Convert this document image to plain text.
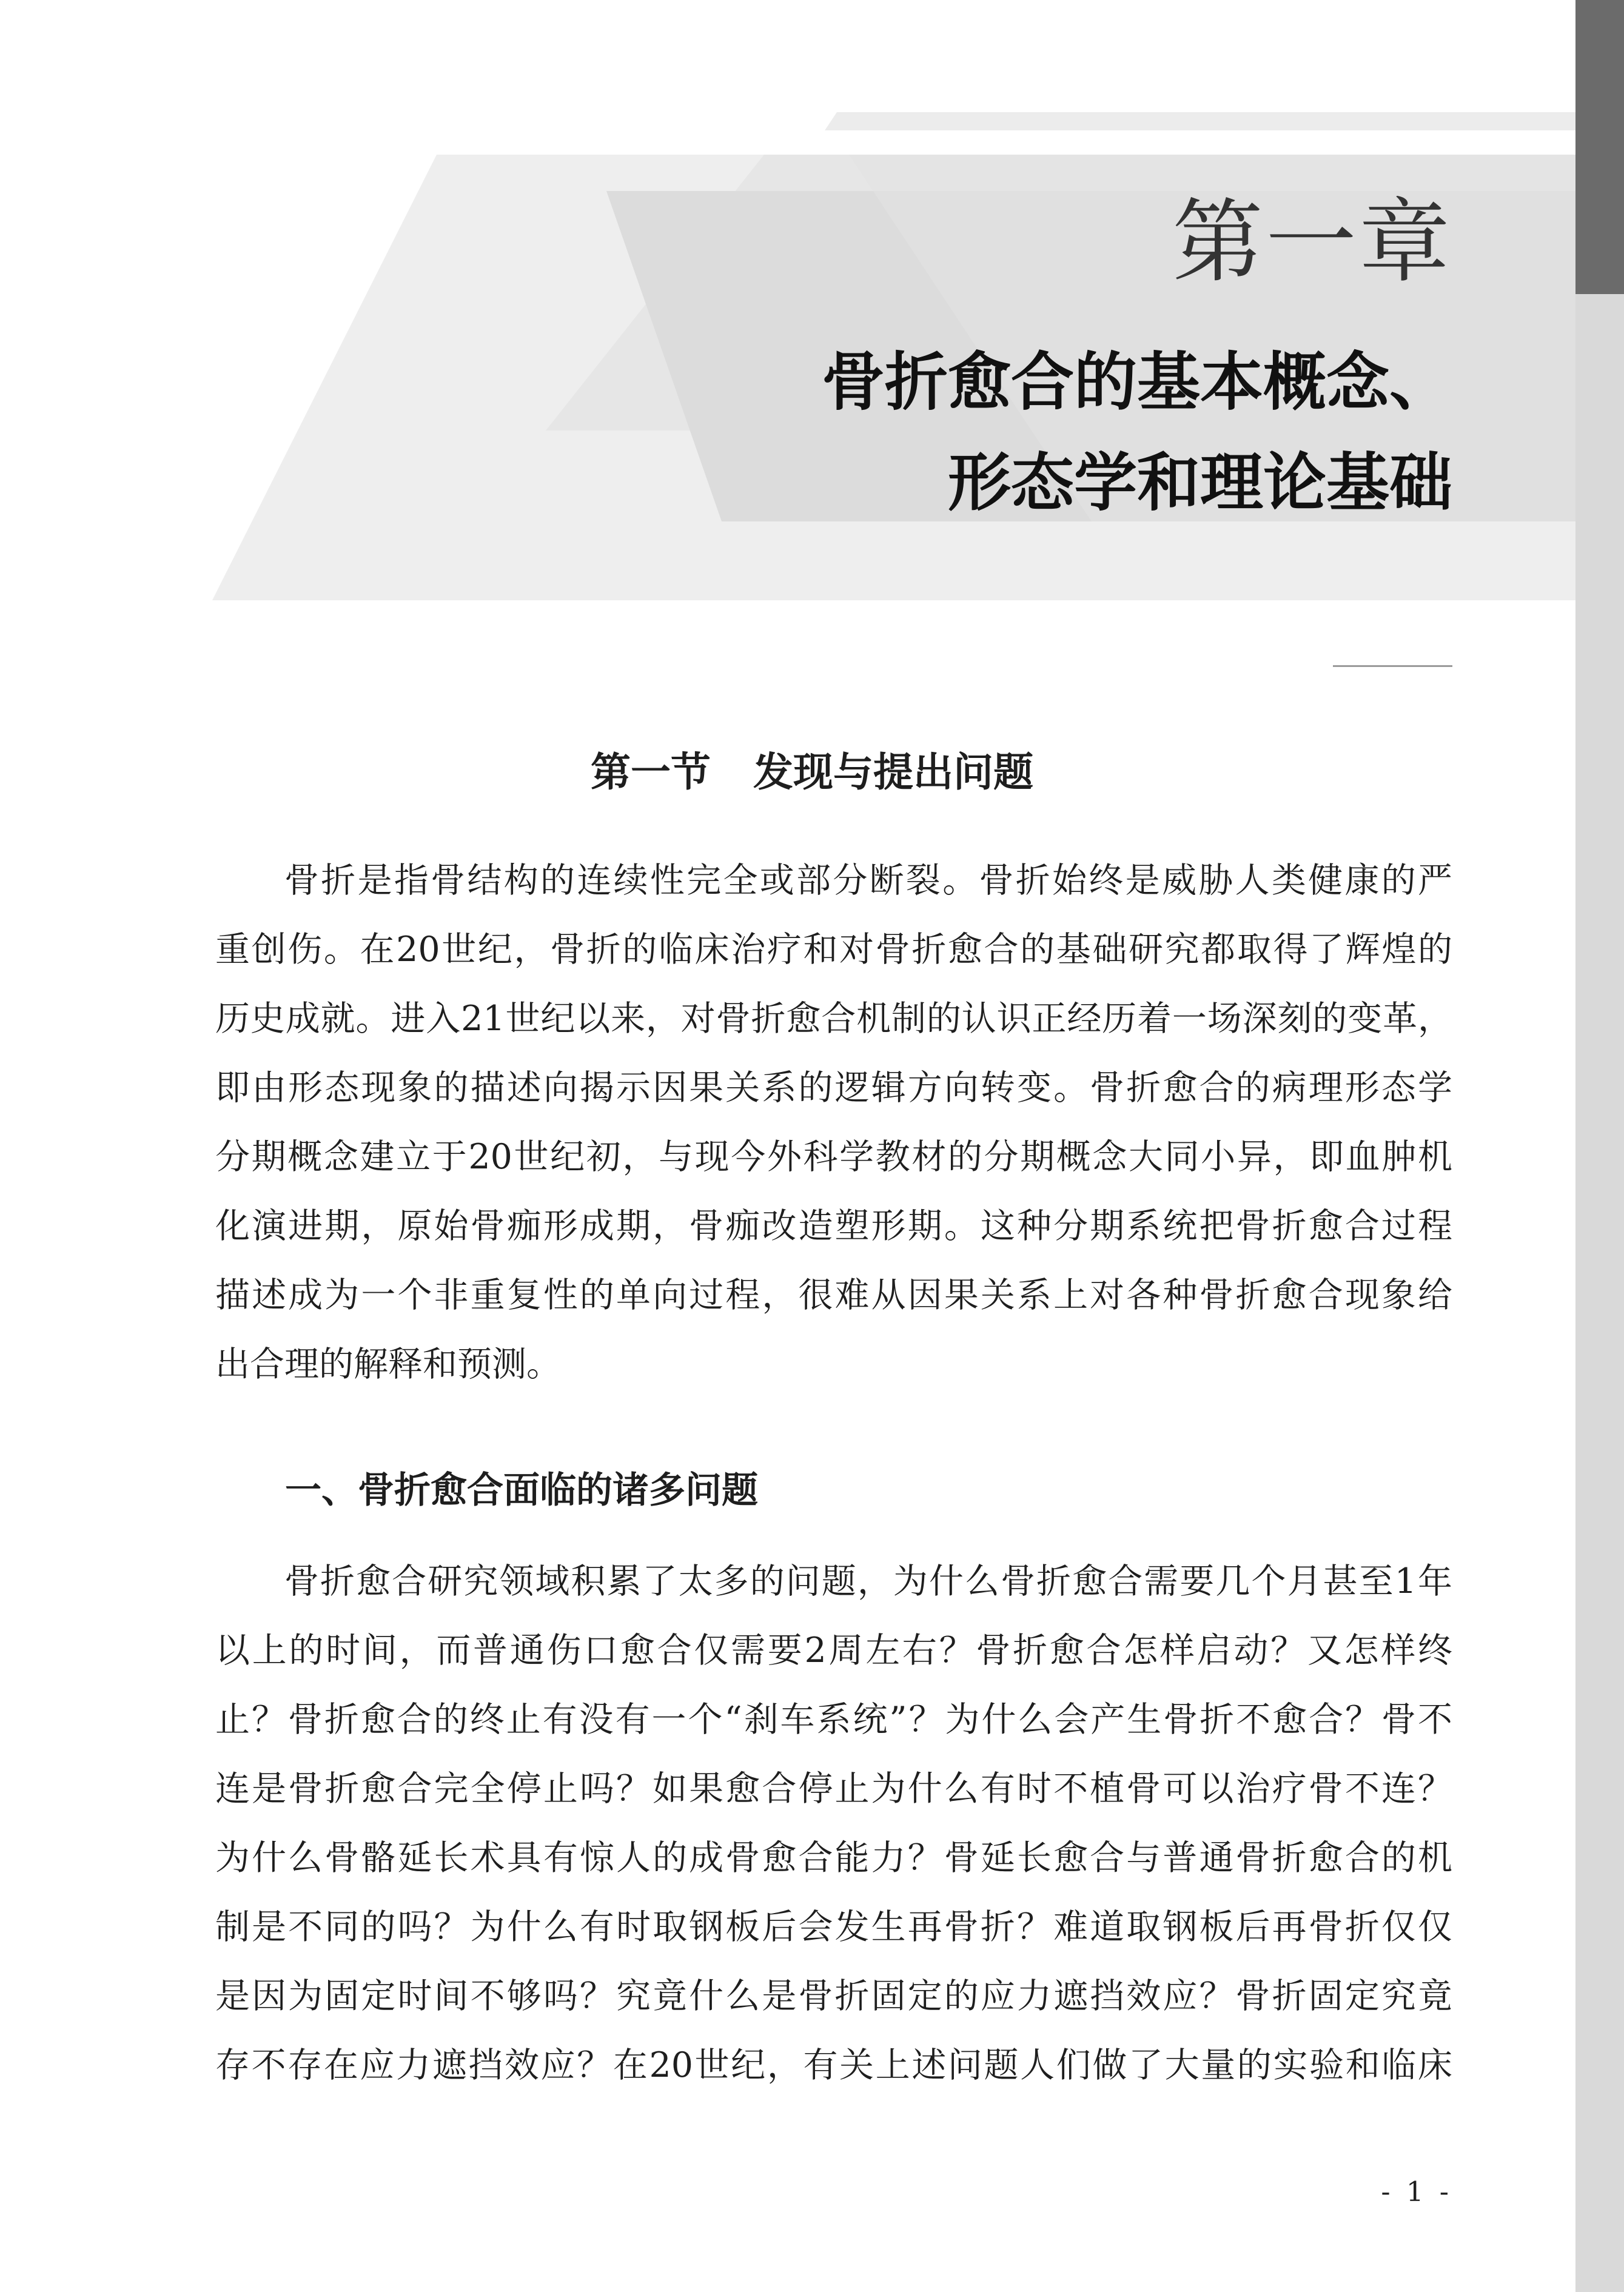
第一章
骨折愈合的基本概念、
形态学和理论基础
第一节 发现与提出问题

骨折是指骨结构的连续性完全或部分断裂。骨折始终是威胁人类健康的严
重创伤。在20世纪，骨折的临床治疗和对骨折愈合的基础研究都取得了辉煌的
历史成就。进入21世纪以来，对骨折愈合机制的认识正经历着一场深刻的变革，
即由形态现象的描述向揭示因果关系的逻辑方向转变。骨折愈合的病理形态学
分期概念建立于20世纪初，与现今外科学教材的分期概念大同小异，即血肿机
化演进期，原始骨痂形成期，骨痂改造塑形期。这种分期系统把骨折愈合过程
描述成为一个非重复性的单向过程，很难从因果关系上对各种骨折愈合现象给
出合理的解释和预测。

一、骨折愈合面临的诸多问题

骨折愈合研究领域积累了太多的问题，为什么骨折愈合需要几个月甚至1年
以上的时间，而普通伤口愈合仅需要2周左右？骨折愈合怎样启动？又怎样终
止？骨折愈合的终止有没有一个“刹车系统”？为什么会产生骨折不愈合？骨不
连是骨折愈合完全停止吗？如果愈合停止为什么有时不植骨可以治疗骨不连？
为什么骨骼延长术具有惊人的成骨愈合能力？骨延长愈合与普通骨折愈合的机
制是不同的吗？为什么有时取钢板后会发生再骨折？难道取钢板后再骨折仅仅
是因为固定时间不够吗？究竟什么是骨折固定的应力遮挡效应？骨折固定究竟
存不存在应力遮挡效应？在20世纪，有关上述问题人们做了大量的实验和临床

- 1 -
